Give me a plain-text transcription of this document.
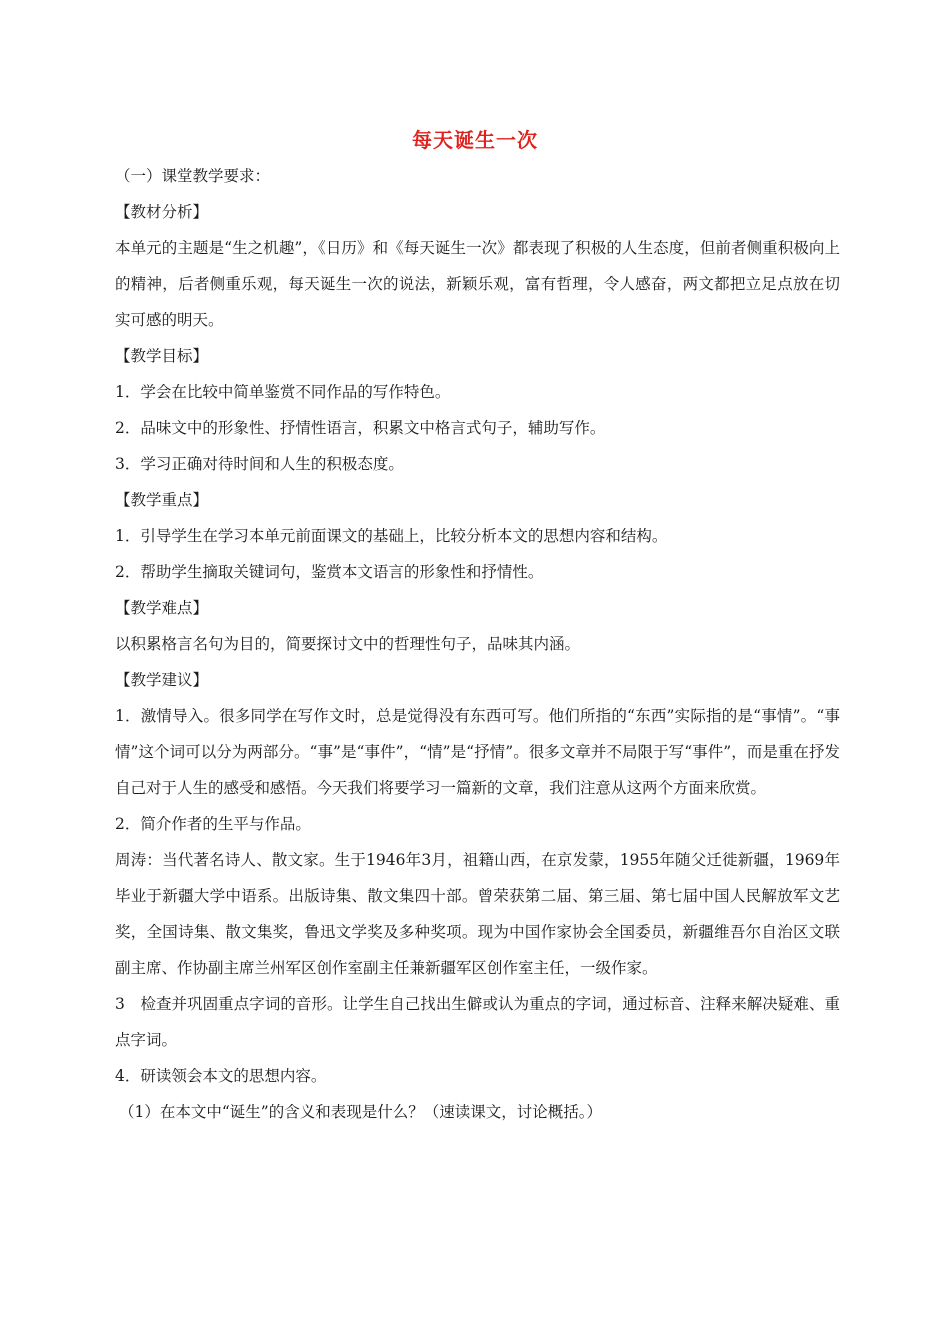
每天诞生一次
（一）课堂教学要求：
【教材分析】

本单元的主题是“生之机趣”，《日历》和《每天诞生一次》都表现了积极的人生态度，但前者侧重积极向上的精神，后者侧重乐观，每天诞生一次的说法，新颖乐观，富有哲理，令人感奋，两文都把立足点放在切实可感的明天。

【教学目标】
1．学会在比较中简单鉴赏不同作品的写作特色。
2．品味文中的形象性、抒情性语言，积累文中格言式句子，辅助写作。
3．学习正确对待时间和人生的积极态度。
【教学重点】
1．引导学生在学习本单元前面课文的基础上，比较分析本文的思想内容和结构。
2．帮助学生摘取关键词句，鉴赏本文语言的形象性和抒情性。
【教学难点】
以积累格言名句为目的，简要探讨文中的哲理性句子，品味其内涵。
【教学建议】

1．激情导入。很多同学在写作文时，总是觉得没有东西可写。他们所指的“东西”实际指的是“事情”。“事情”这个词可以分为两部分。“事”是“事件”，“情”是“抒情”。很多文章并不局限于写“事件”，而是重在抒发自己对于人生的感受和感悟。今天我们将要学习一篇新的文章，我们注意从这两个方面来欣赏。

2．简介作者的生平与作品。

周涛：当代著名诗人、散文家。生于1946年3月，祖籍山西，在京发蒙，1955年随父迁徙新疆，1969年毕业于新疆大学中语系。出版诗集、散文集四十部。曾荣获第二届、第三届、第七届中国人民解放军文艺奖，全国诗集、散文集奖，鲁迅文学奖及多种奖项。现为中国作家协会全国委员，新疆维吾尔自治区文联副主席、作协副主席兰州军区创作室副主任兼新疆军区创作室主任，一级作家。

3　检查并巩固重点字词的音形。让学生自己找出生僻或认为重点的字词，通过标音、注释来解决疑难、重点字词。

4．研读领会本文的思想内容。
（1）在本文中“诞生”的含义和表现是什么？（速读课文，讨论概括。）
